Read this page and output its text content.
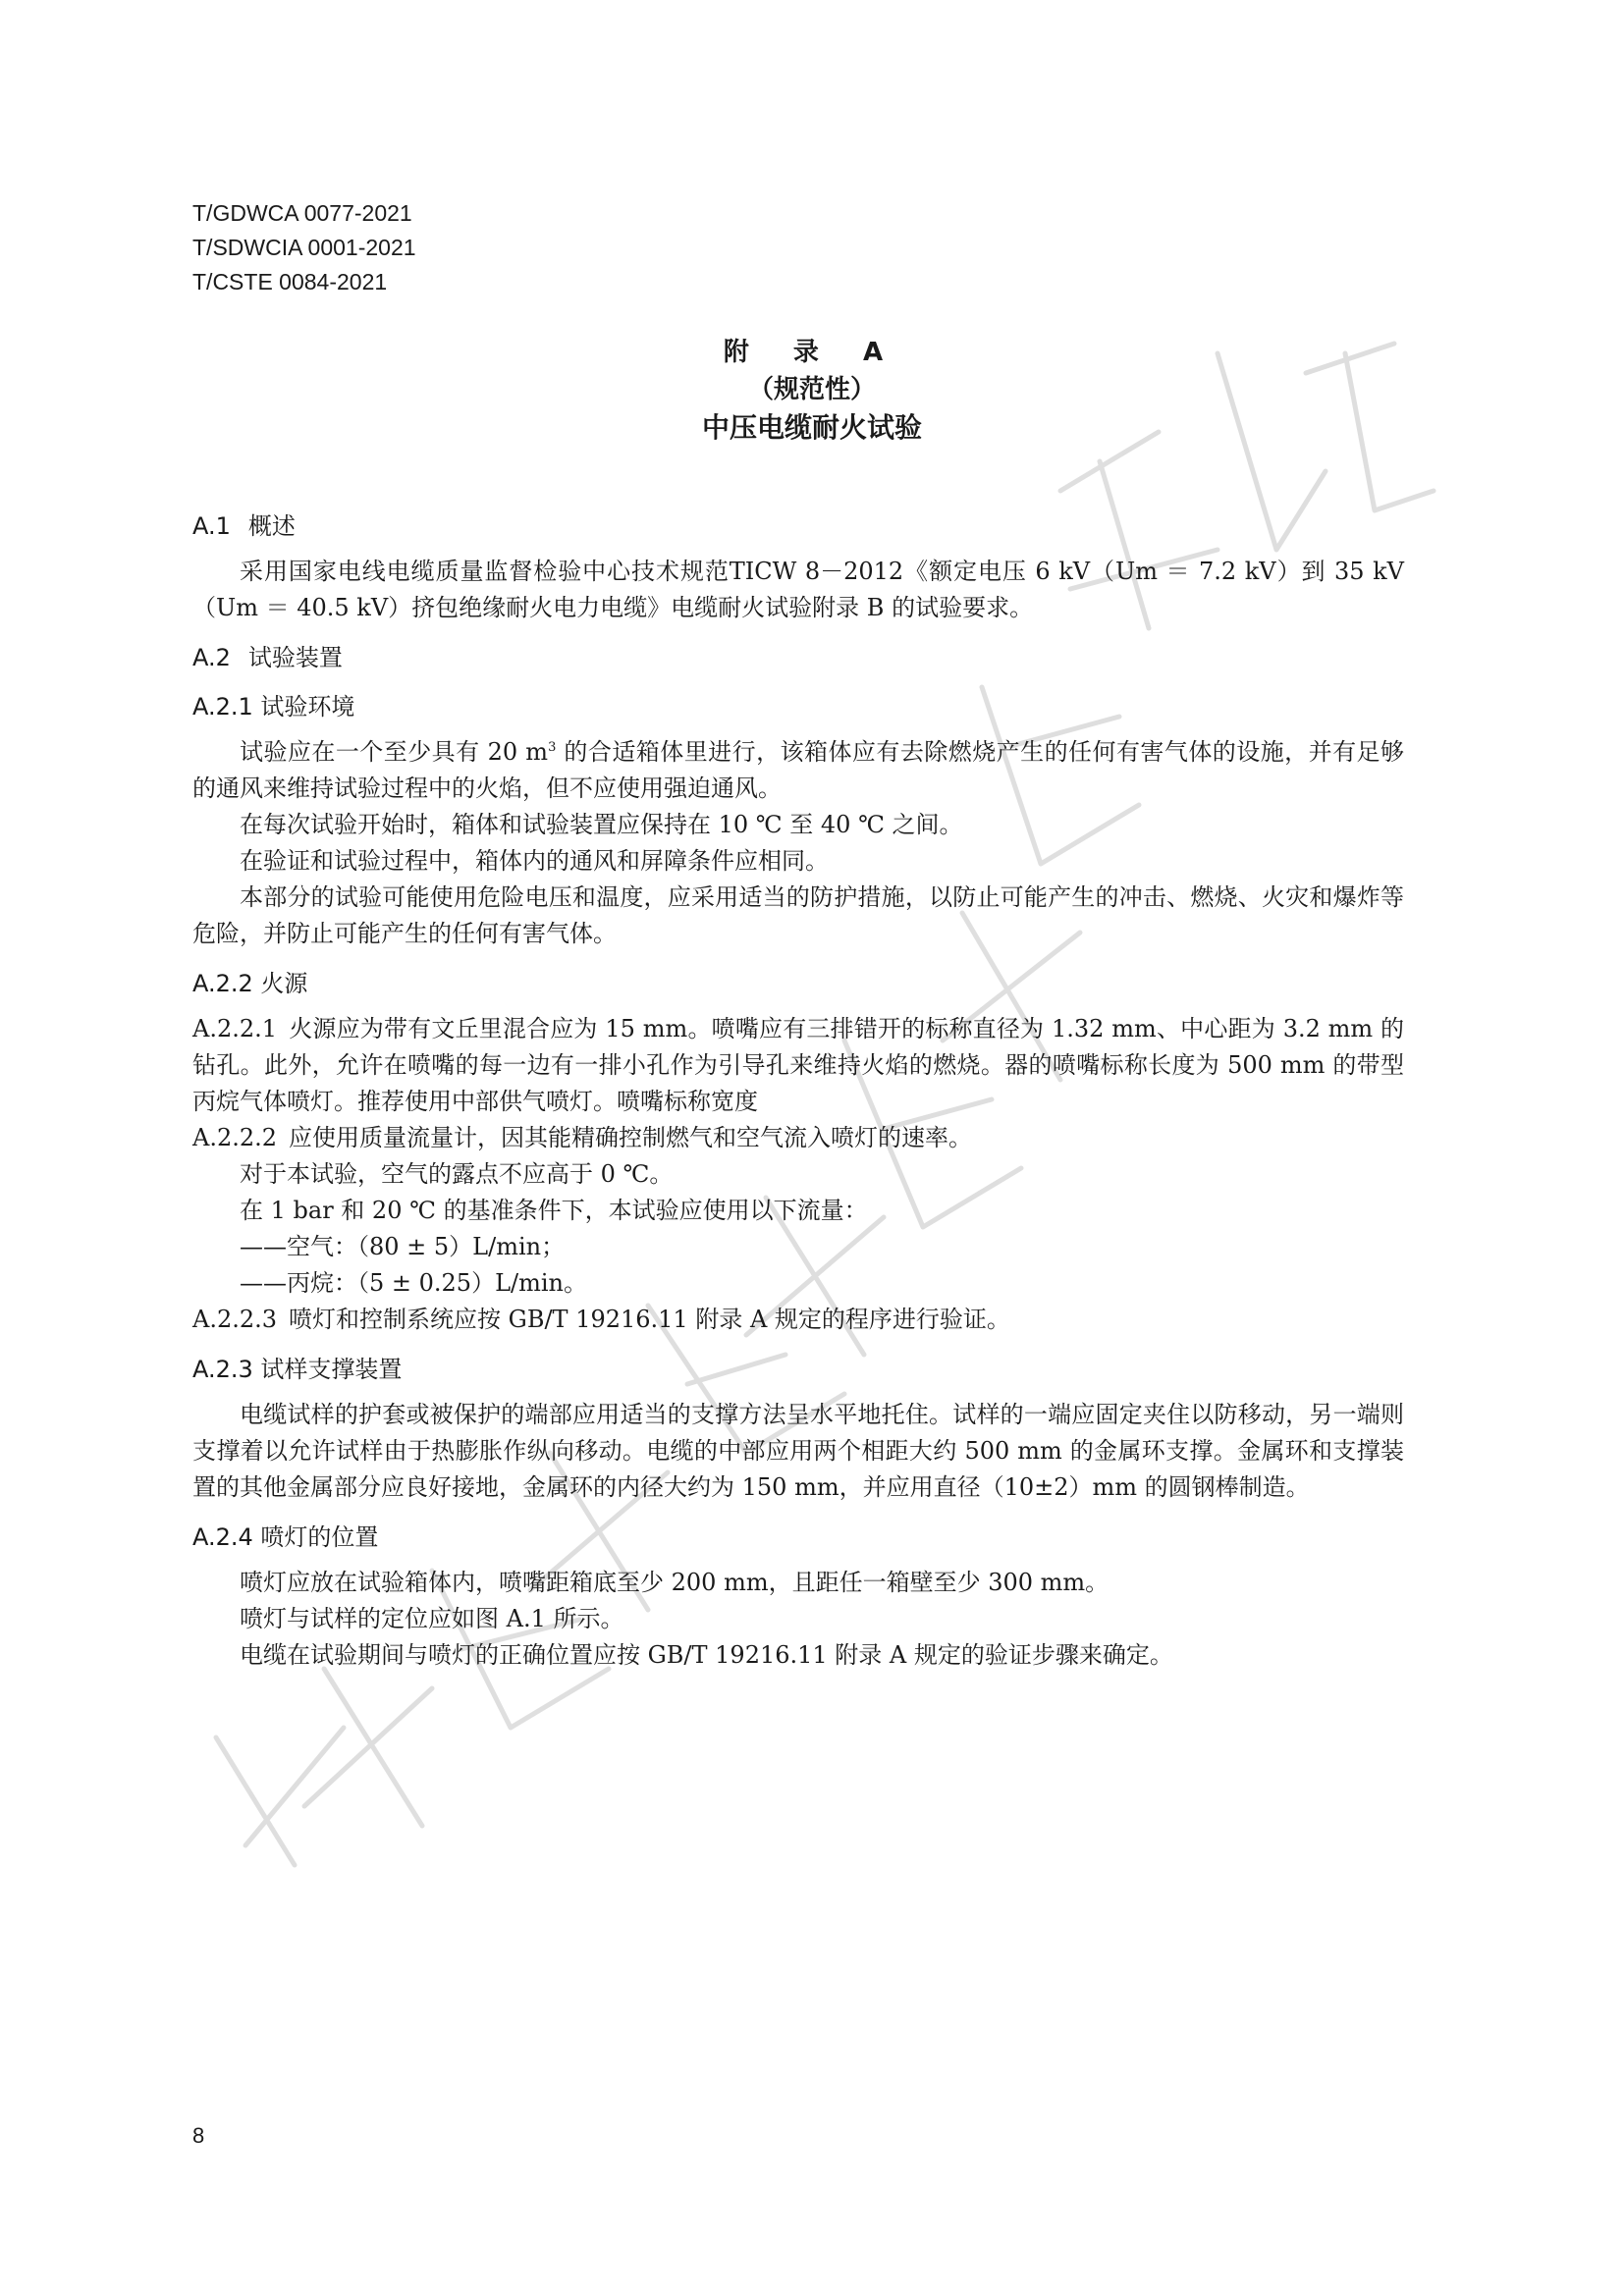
T/GDWCA 0077-2021
T/SDWCIA 0001-2021
T/CSTE 0084-2021
附 录 A
（规范性）
中压电缆耐火试验

A.1 概述

采用国家电线电缆质量监督检验中心技术规范TICW 8－2012《额定电压 6 kV（Um ＝ 7.2 kV）到 35 kV（Um ＝ 40.5 kV）挤包绝缘耐火电力电缆》电缆耐火试验附录 B 的试验要求。

A.2 试验装置

A.2.1 试验环境

试验应在一个至少具有 20 $m^3$ 的合适箱体里进行，该箱体应有去除燃烧产生的任何有害气体的设施，并有足够的通风来维持试验过程中的火焰，但不应使用强迫通风。

在每次试验开始时，箱体和试验装置应保持在 10 ℃ 至 40 ℃ 之间。

在验证和试验过程中，箱体内的通风和屏障条件应相同。

本部分的试验可能使用危险电压和温度，应采用适当的防护措施，以防止可能产生的冲击、燃烧、火灾和爆炸等危险，并防止可能产生的任何有害气体。

A.2.2 火源

A.2.2.1 火源应为带有文丘里混合应为 15 mm。喷嘴应有三排错开的标称直径为 1.32 mm、中心距为 3.2 mm 的钻孔。此外，允许在喷嘴的每一边有一排小孔作为引导孔来维持火焰的燃烧。器的喷嘴标称长度为 500 mm 的带型丙烷气体喷灯。推荐使用中部供气喷灯。喷嘴标称宽度

A.2.2.2 应使用质量流量计，因其能精确控制燃气和空气流入喷灯的速率。

对于本试验，空气的露点不应高于 0 ℃。

在 1 bar 和 20 ℃ 的基准条件下，本试验应使用以下流量：

——空气：（80 ± 5）L/min；

——丙烷：（5 ± 0.25）L/min。

A.2.2.3 喷灯和控制系统应按 GB/T 19216.11 附录 A 规定的程序进行验证。

A.2.3 试样支撑装置

电缆试样的护套或被保护的端部应用适当的支撑方法呈水平地托住。试样的一端应固定夹住以防移动，另一端则支撑着以允许试样由于热膨胀作纵向移动。电缆的中部应用两个相距大约 500 mm 的金属环支撑。金属环和支撑装置的其他金属部分应良好接地，金属环的内径大约为 150 mm，并应用直径（10±2）mm 的圆钢棒制造。

A.2.4 喷灯的位置

喷灯应放在试验箱体内，喷嘴距箱底至少 200 mm，且距任一箱壁至少 300 mm。

喷灯与试样的定位应如图 A.1 所示。

电缆在试验期间与喷灯的正确位置应按 GB/T 19216.11 附录 A 规定的验证步骤来确定。

8
